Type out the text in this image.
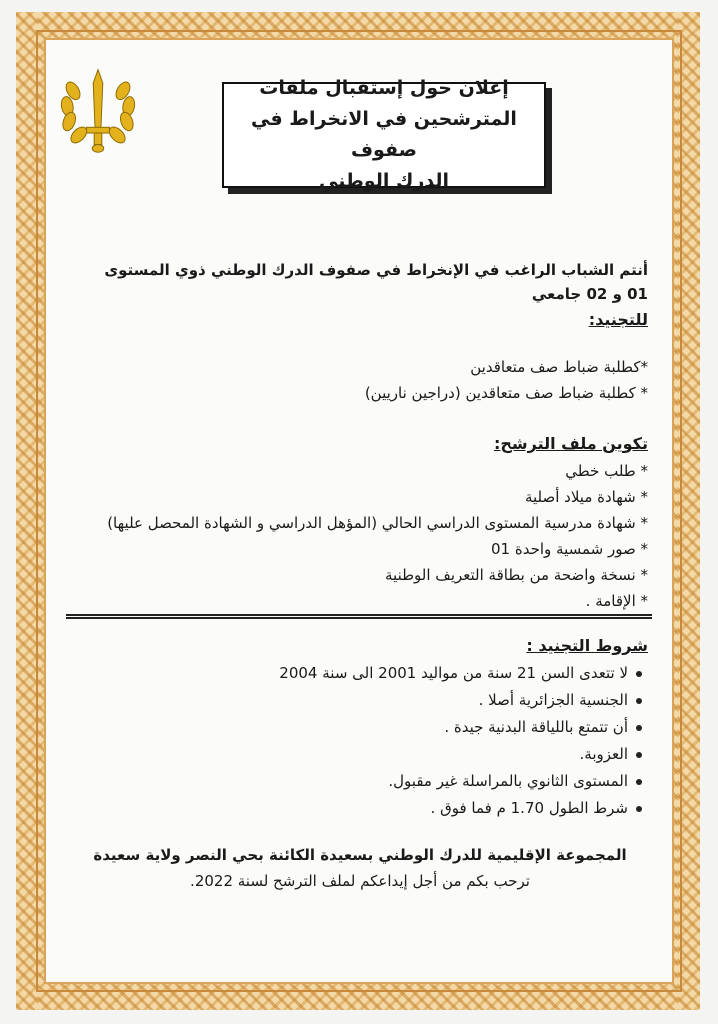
إعلان حول إستقبال ملفات
المترشحين في الانخراط في صفوف
الدرك الوطني
أنتم الشباب الراغب في الإنخراط في صفوف الدرك الوطني ذوي المستوى
01 و 02 جامعي
للتجنيد:
*كطلبة ضباط صف متعاقدين
* كطلبة ضباط صف متعاقدين (دراجين ناريين)
تكوين ملف الترشح:
* طلب خطي
* شهادة ميلاد أصلية
* شهادة مدرسية المستوى الدراسي الحالي (المؤهل الدراسي و الشهادة المحصل عليها)
* صور شمسية واحدة 01
* نسخة واضحة من بطاقة التعريف الوطنية
* الإقامة .
شروط التجنيد :
لا تتعدى السن 21 سنة من مواليد 2001 الى سنة 2004
الجنسية الجزائرية أصلا .
أن تتمتع باللياقة البدنية جيدة .
العزوبة.
المستوى الثانوي بالمراسلة غير مقبول.
شرط الطول 1.70 م فما فوق .
المجموعة الإقليمية للدرك الوطني بسعيدة الكائنة بحي النصر ولاية سعيدة
ترحب بكم من أجل إيداعكم لملف الترشح لسنة 2022.
